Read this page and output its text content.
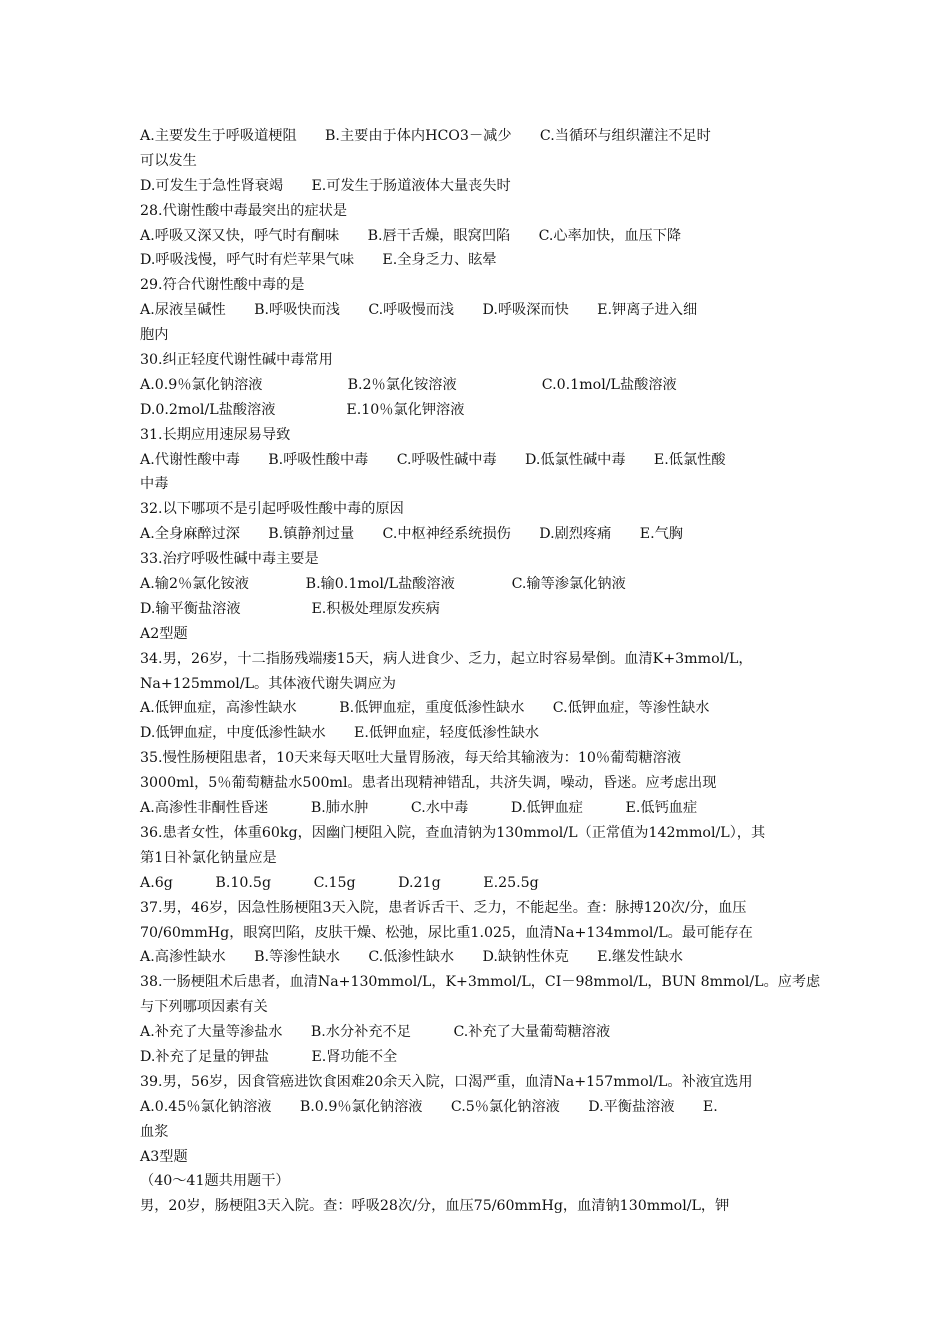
A.主要发生于呼吸道梗阻　　B.主要由于体内HCO3－减少　　C.当循环与组织灌注不足时
可以发生
D.可发生于急性肾衰竭　　E.可发生于肠道液体大量丧失时
28.代谢性酸中毒最突出的症状是
A.呼吸又深又快，呼气时有酮味　　B.唇干舌燥，眼窝凹陷　　C.心率加快，血压下降
D.呼吸浅慢，呼气时有烂苹果气味　　E.全身乏力、眩晕
29.符合代谢性酸中毒的是
A.尿液呈碱性　　B.呼吸快而浅　　C.呼吸慢而浅　　D.呼吸深而快　　E.钾离子进入细
胞内
30.纠正轻度代谢性碱中毒常用
A.0.9％氯化钠溶液　　　　　　B.2％氯化铵溶液　　　　　　C.0.1mol/L盐酸溶液
D.0.2mol/L盐酸溶液　　　　　E.10％氯化钾溶液
31.长期应用速尿易导致
A.代谢性酸中毒　　B.呼吸性酸中毒　　C.呼吸性碱中毒　　D.低氯性碱中毒　　E.低氯性酸
中毒
32.以下哪项不是引起呼吸性酸中毒的原因
A.全身麻醉过深　　B.镇静剂过量　　C.中枢神经系统损伤　　D.剧烈疼痛　　E.气胸
33.治疗呼吸性碱中毒主要是
A.输2％氯化铵液　　　　B.输0.1mol/L盐酸溶液　　　　C.输等渗氯化钠液
D.输平衡盐溶液　　　　　E.积极处理原发疾病
A2型题
34.男，26岁，十二指肠残端瘘15天，病人进食少、乏力，起立时容易晕倒。血清K+3mmol/L，
Na+125mmol/L。其体液代谢失调应为
A.低钾血症，高渗性缺水　　　B.低钾血症，重度低渗性缺水　　C.低钾血症，等渗性缺水
D.低钾血症，中度低渗性缺水　　E.低钾血症，轻度低渗性缺水
35.慢性肠梗阻患者，10天来每天呕吐大量胃肠液，每天给其输液为：10％葡萄糖溶液
3000ml，5％葡萄糖盐水500ml。患者出现精神错乱，共济失调，噪动，昏迷。应考虑出现
A.高渗性非酮性昏迷　　　B.肺水肿　　　C.水中毒　　　D.低钾血症　　　E.低钙血症
36.患者女性，体重60kg，因幽门梗阻入院，查血清钠为130mmol/L（正常值为142mmol/L），其
第1日补氯化钠量应是
A.6g　　　B.10.5g　　　C.15g　　　D.21g　　　E.25.5g
37.男，46岁，因急性肠梗阻3天入院，患者诉舌干、乏力，不能起坐。查：脉搏120次/分，血压
70/60mmHg，眼窝凹陷，皮肤干燥、松弛，尿比重1.025，血清Na+134mmol/L。最可能存在
A.高渗性缺水　　B.等渗性缺水　　C.低渗性缺水　　D.缺钠性休克　　E.继发性缺水
38.一肠梗阻术后患者，血清Na+130mmol/L，K+3mmol/L，CI－98mmol/L，BUN 8mmol/L。应考虑
与下列哪项因素有关
A.补充了大量等渗盐水　　B.水分补充不足　　　C.补充了大量葡萄糖溶液
D.补充了足量的钾盐　　　E.肾功能不全
39.男，56岁，因食管癌进饮食困难20余天入院，口渴严重，血清Na+157mmol/L。补液宜选用
A.0.45％氯化钠溶液　　B.0.9％氯化钠溶液　　C.5％氯化钠溶液　　D.平衡盐溶液　　E.
血浆
A3型题
（40～41题共用题干）
男，20岁，肠梗阻3天入院。查：呼吸28次/分，血压75/60mmHg，血清钠130mmol/L，钾
